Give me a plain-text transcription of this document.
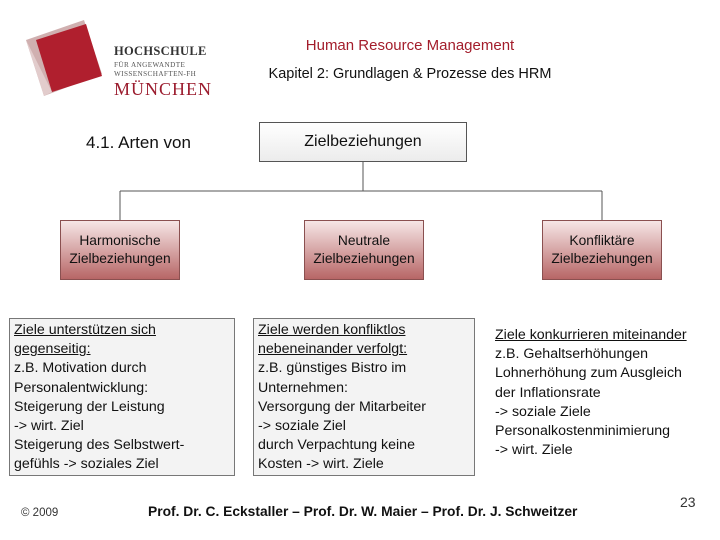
HOCHSCHULE
FÜR ANGEWANDTE
WISSENSCHAFTEN-FH
MÜNCHEN
Human Resource Management
Kapitel 2: Grundlagen & Prozesse des HRM
4.1. Arten von	Zielbeziehungen
Harmonische
Zielbeziehungen
Neutrale
Zielbeziehungen
Konfliktäre
Zielbeziehungen
Ziele unterstützen sich
gegenseitig:
z.B. Motivation durch
Personalentwicklung:
Steigerung der Leistung
-> wirt. Ziel
Steigerung des Selbstwert-
gefühls -> soziales Ziel
Ziele werden konfliktlos
nebeneinander verfolgt:
z.B. günstiges Bistro im
Unternehmen:
Versorgung der Mitarbeiter
-> soziale Ziel
durch Verpachtung keine
Kosten -> wirt. Ziele
Ziele konkurrieren miteinander
z.B. Gehaltserhöhungen
Lohnerhöhung zum Ausgleich
der Inflationsrate
-> soziale Ziele
Personalkostenminimierung
-> wirt. Ziele
© 2009	Prof. Dr. C. Eckstaller – Prof. Dr. W. Maier – Prof. Dr. J. Schweitzer
23
